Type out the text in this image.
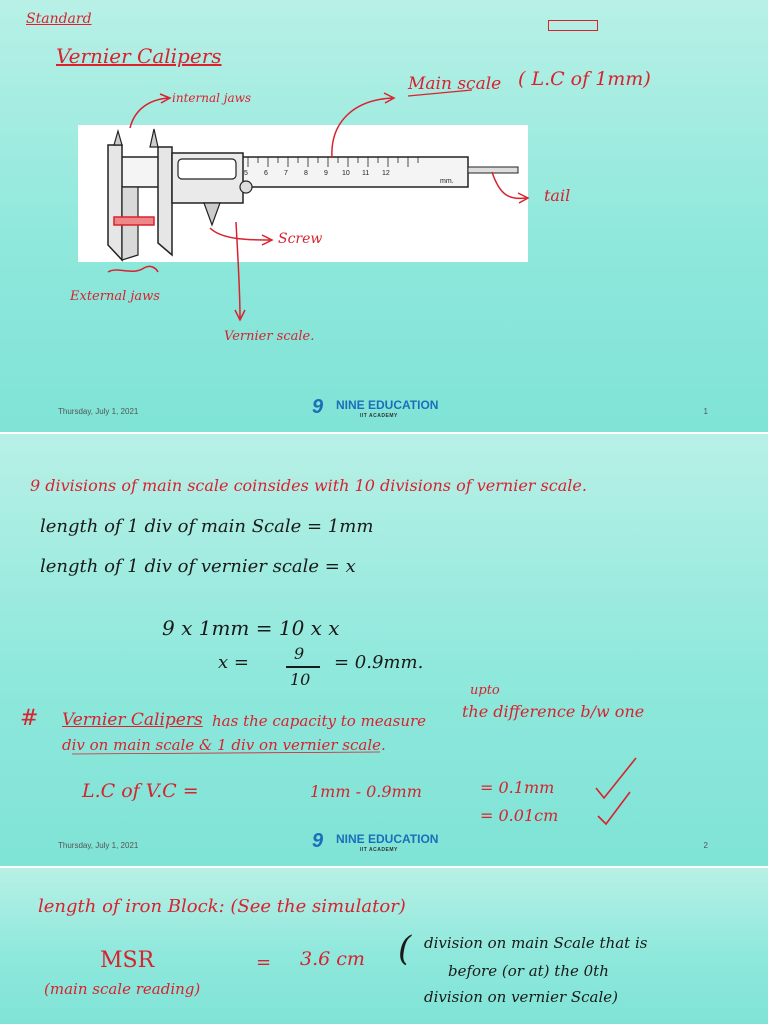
Standard
Vernier Calipers
5 6 7 8 9 10 11 12
mm.
internal jaws
Main scale ( L.C of 1mm)
tail
Screw
External jaws
Vernier scale.
Thursday, July 1, 2021	9 NINE EDUCATION
IIT ACADEMY	1
9 divisions of main scale coinsides with 10 divisions of vernier scale.
length of 1 div of main Scale = 1mm
length of 1 div of vernier scale = x
9 x 1mm = 10 x x
x =	9
10
= 0.9mm.
#
upto
Vernier Calipers has the capacity to measure the difference b/w one
div on main scale & 1 div on vernier scale.
L.C of V.C =	1mm - 0.9mm	= 0.1mm
= 0.01cm
Thursday, July 1, 2021	9 NINE EDUCATION
IIT ACADEMY	2
length of iron Block: (See the simulator)
MSR	= 3.6 cm
(main scale reading)
( division on main Scale that is
before (or at) the 0th
division on vernier Scale)
